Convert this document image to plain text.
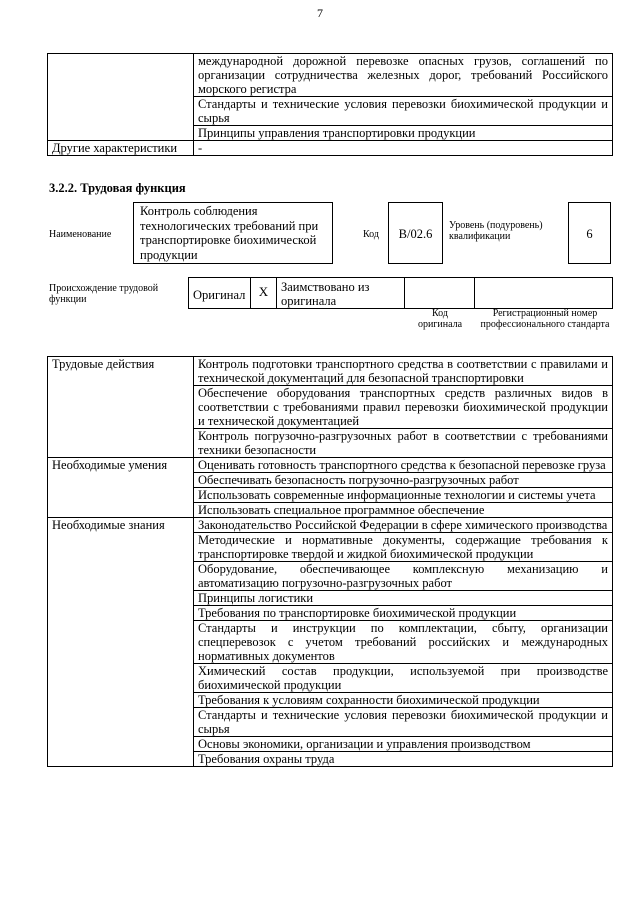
7
	международной дорожной перевозке опасных грузов, соглашений по организации сотрудничества железных дорог, требований Российского морского регистра
	Стандарты и технические условия перевозки биохимической продукции и сырья
	Принципы управления транспортировки продукции
Другие характеристики	-
3.2.2. Трудовая функция
Наименование
Контроль соблюдения технологических требований при транспортировке биохимической продукции
Код	В/02.6
Уровень (подуровень) квалификации	6
Происхождение трудовой функции	Оригинал	X	Заимствовано из оригинала		
Код оригинала
Регистрационный номер профессионального стандарта
Трудовые действия	Контроль подготовки транспортного средства в соответствии с правилами и технической документаций для безопасной транспортировки
	Обеспечение оборудования транспортных средств различных видов в соответствии с требованиями правил перевозки биохимической продукции и технической документацией
	Контроль погрузочно-разгрузочных работ в соответствии с требованиями техники безопасности
Необходимые умения	Оценивать готовность транспортного средства к безопасной перевозке груза
	Обеспечивать безопасность погрузочно-разгрузочных работ
	Использовать современные информационные технологии и системы учета
	Использовать специальное программное обеспечение
Необходимые знания	Законодательство Российской Федерации в сфере химического производства
	Методические и нормативные документы, содержащие требования к транспортировке твердой и жидкой биохимической продукции
	Оборудование, обеспечивающее комплексную механизацию и автоматизацию погрузочно-разгрузочных работ
	Принципы логистики
	Требования по транспортировке биохимической продукции
	Стандарты и инструкции по комплектации, сбыту, организации спецперевозок с учетом требований российских и международных нормативных документов
	Химический состав продукции, используемой при производстве биохимической продукции
	Требования к условиям сохранности биохимической продукции
	Стандарты и технические условия перевозки биохимической продукции и сырья
	Основы экономики, организации и управления производством
	Требования охраны труда
